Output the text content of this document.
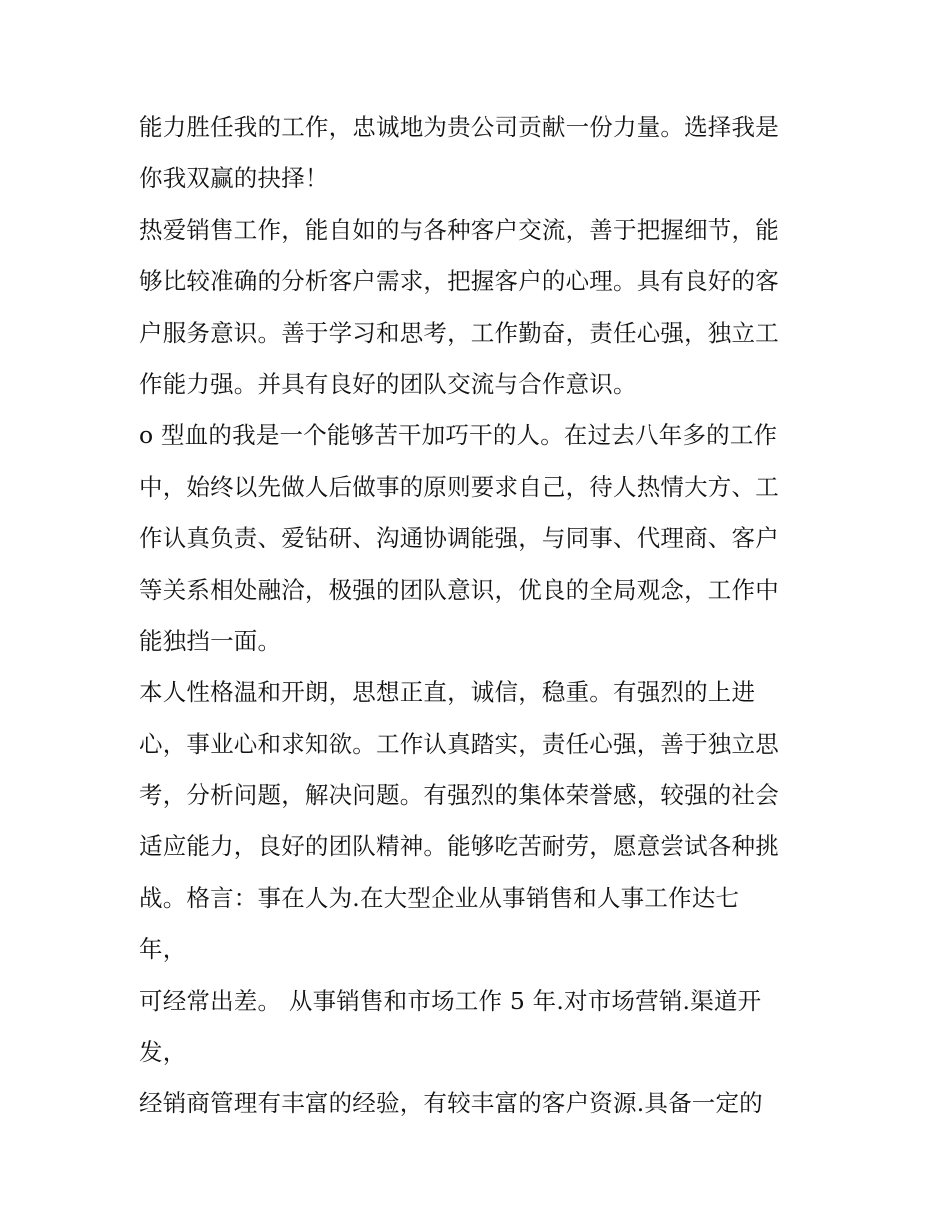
能力胜任我的工作，忠诚地为贵公司贡献一份力量。选择我是
你我双赢的抉择！
热爱销售工作，能自如的与各种客户交流，善于把握细节，能
够比较准确的分析客户需求，把握客户的心理。具有良好的客
户服务意识。善于学习和思考，工作勤奋，责任心强，独立工
作能力强。并具有良好的团队交流与合作意识。
o 型血的我是一个能够苦干加巧干的人。在过去八年多的工作
中，始终以先做人后做事的原则要求自己，待人热情大方、工
作认真负责、爱钻研、沟通协调能强，与同事、代理商、客户
等关系相处融洽，极强的团队意识，优良的全局观念，工作中
能独挡一面。
本人性格温和开朗，思想正直，诚信，稳重。有强烈的上进
心，事业心和求知欲。工作认真踏实，责任心强，善于独立思
考，分析问题，解决问题。有强烈的集体荣誉感，较强的社会
适应能力，良好的团队精神。能够吃苦耐劳，愿意尝试各种挑
战。格言：事在人为.在大型企业从事销售和人事工作达七
年，
可经常出差。 从事销售和市场工作 5 年.对市场营销.渠道开
发，
经销商管理有丰富的经验，有较丰富的客户资源.具备一定的
